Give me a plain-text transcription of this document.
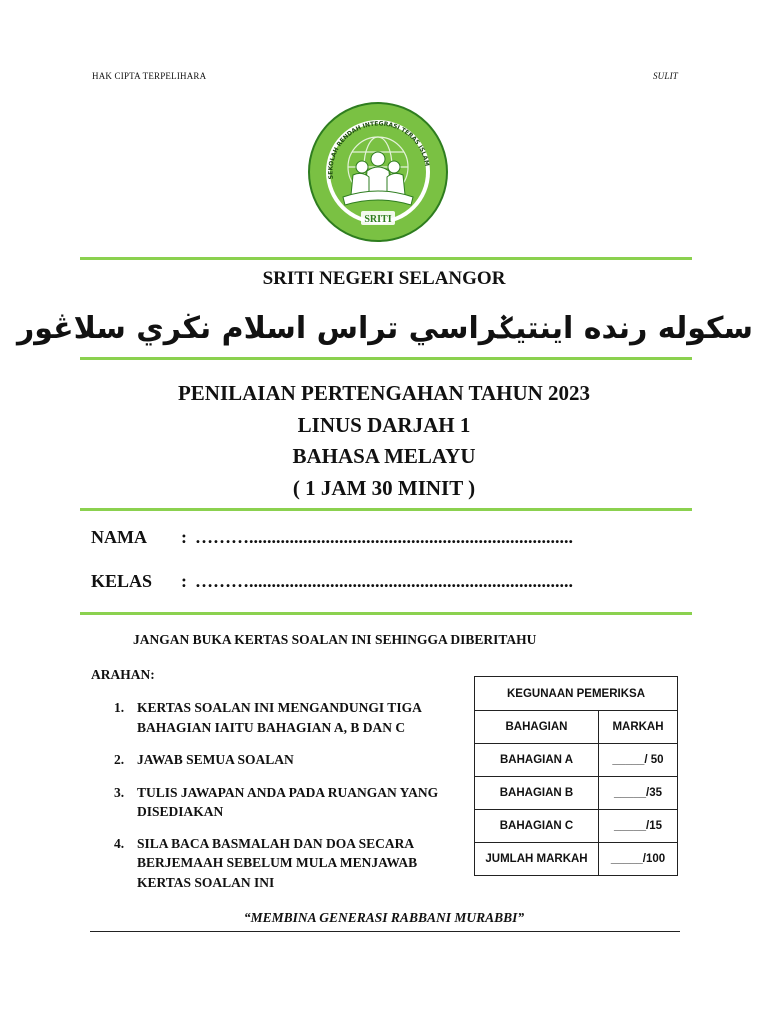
HAK CIPTA TERPELIHARA	SULIT
SEKOLAH RENDAH INTEGRASI TERAS ISLAM
SRITI
SRITI NEGERI SELANGOR
سكوله رنده اينتيݢراسي تراس اسلام نڬري سلاڠور
PENILAIAN PERTENGAHAN TAHUN 2023
LINUS DARJAH 1
BAHASA MELAYU
( 1 JAM 30 MINIT )
NAMA : ………........................................................................
KELAS : ………........................................................................
JANGAN BUKA KERTAS SOALAN INI SEHINGGA DIBERITAHU
ARAHAN:
1. KERTAS SOALAN INI MENGANDUNGI TIGA BAHAGIAN IAITU BAHAGIAN A, B DAN C
2. JAWAB SEMUA SOALAN
3. TULIS JAWAPAN ANDA PADA RUANGAN YANG DISEDIAKAN
4. SILA BACA BASMALAH DAN DOA SECARA BERJEMAAH SEBELUM MULA MENJAWAB KERTAS SOALAN INI
KEGUNAAN PEMERIKSA	
BAHAGIAN	MARKAH
BAHAGIAN A	_____/ 50
BAHAGIAN B	_____/35
BAHAGIAN C	_____/15
JUMLAH MARKAH	_____/100
“MEMBINA GENERASI RABBANI MURABBI”
